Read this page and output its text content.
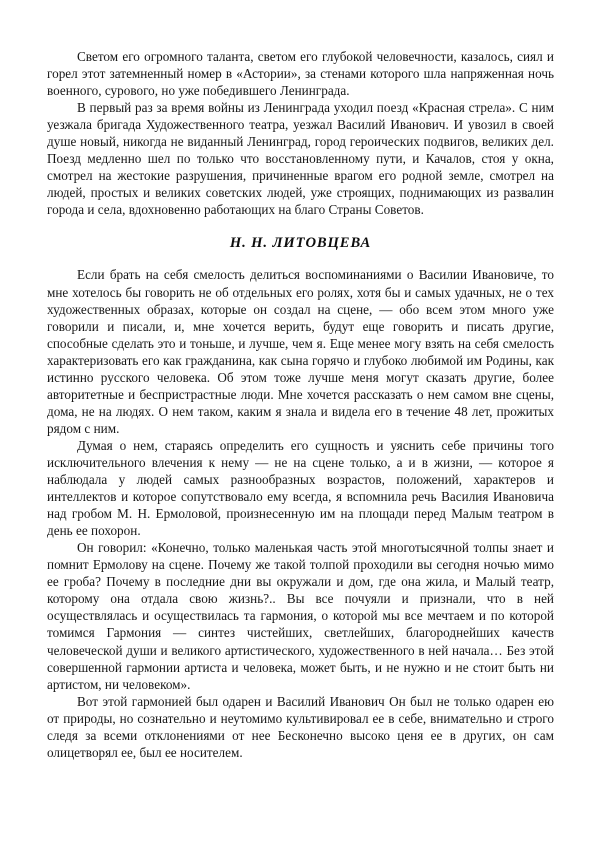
Светом его огромного таланта, светом его глубокой человечности, казалось, сиял и горел этот затемненный номер в «Астории», за стенами которого шла напряженная ночь военного, сурового, но уже победившего Ленинграда.

В первый раз за время войны из Ленинграда уходил поезд «Красная стрела». С ним уезжала бригада Художественного театра, уезжал Василий Иванович. И увозил в своей душе новый, никогда не виданный Ленинград, город героических подвигов, великих дел. Поезд медленно шел по только что восстановленному пути, и Качалов, стоя у окна, смотрел на жестокие разрушения, причиненные врагом его родной земле, смотрел на людей, простых и великих советских людей, уже строящих, поднимающих из развалин города и села, вдохновенно работающих на благо Страны Советов.

Н. Н. ЛИТОВЦЕВА

Если брать на себя смелость делиться воспоминаниями о Василии Ивановиче, то мне хотелось бы говорить не об отдельных его ролях, хотя бы и самых удачных, не о тех художественных образах, которые он создал на сцене, — обо всем этом много уже говорили и писали, и, мне хочется верить, будут еще говорить и писать другие, способные сделать это и тоньше, и лучше, чем я. Еще менее могу взять на себя смелость характеризовать его как гражданина, как сына горячо и глубоко любимой им Родины, как истинно русского человека. Об этом тоже лучше меня могут сказать другие, более авторитетные и беспристрастные люди. Мне хочется рассказать о нем самом вне сцены, дома, не на людях. О нем таком, каким я знала и видела его в течение 48 лет, прожитых рядом с ним.

Думая о нем, стараясь определить его сущность и уяснить себе причины того исключительного влечения к нему — не на сцене только, а и в жизни, — которое я наблюдала у людей самых разнообразных возрастов, положений, характеров и интеллектов и которое сопутствовало ему всегда, я вспомнила речь Василия Ивановича над гробом М. Н. Ермоловой, произнесенную им на площади перед Малым театром в день ее похорон.

Он говорил: «Конечно, только маленькая часть этой многотысячной толпы знает и помнит Ермолову на сцене. Почему же такой толпой проходили вы сегодня ночью мимо ее гроба? Почему в последние дни вы окружали и дом, где она жила, и Малый театр, которому она отдала свою жизнь?.. Вы все почуяли и признали, что в ней осуществлялась и осуществилась та гармония, о которой мы все мечтаем и по которой томимся Гармония — синтез чистейших, светлейших, благороднейших качеств человеческой души и великого артистического, художественного в ней начала… Без этой совершенной гармонии артиста и человека, может быть, и не нужно и не стоит быть ни артистом, ни человеком».

Вот этой гармонией был одарен и Василий Иванович Он был не только одарен ею от природы, но сознательно и неутомимо культивировал ее в себе, внимательно и строго следя за всеми отклонениями от нее Бесконечно высоко ценя ее в других, он сам олицетворял ее, был ее носителем.
